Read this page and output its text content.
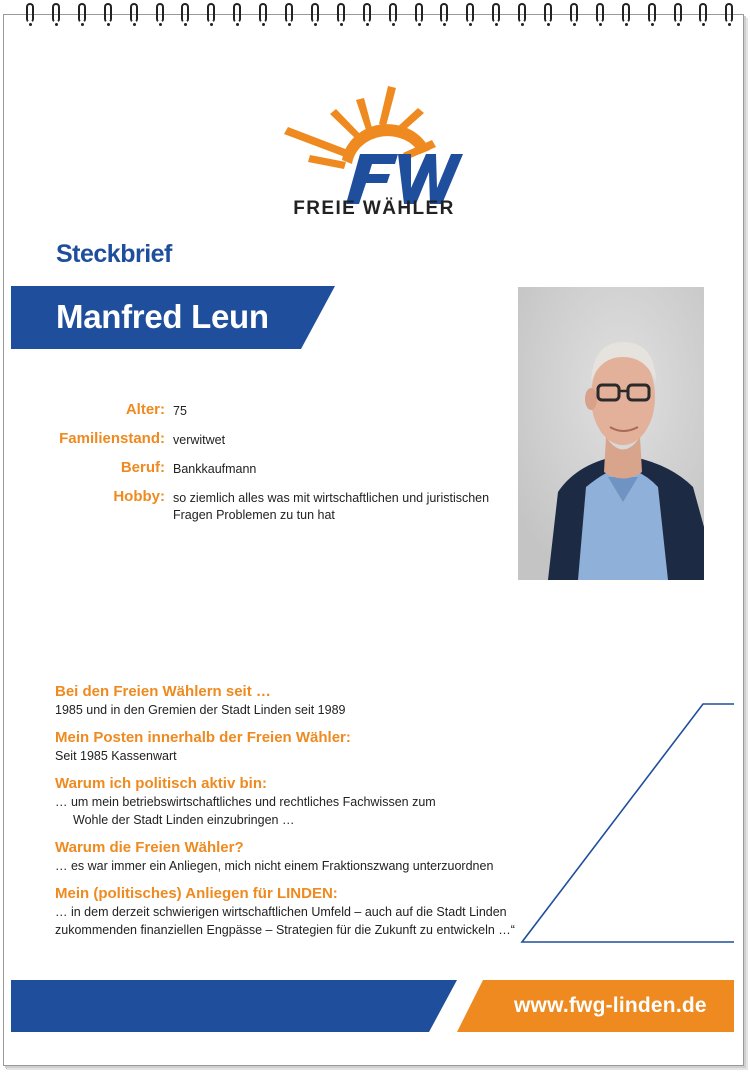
FREIE WÄHLER
Steckbrief
Manfred Leun
Alter: 75
Familienstand: verwitwet
Beruf: Bankkaufmann
Hobby: so ziemlich alles was mit wirtschaftlichen und juristischen
Fragen Problemen zu tun hat
Bei den Freien Wählern seit …
1985 und in den Gremien der Stadt Linden seit 1989
Mein Posten innerhalb der Freien Wähler:
Seit 1985 Kassenwart
Warum ich politisch aktiv bin:
… um mein betriebswirtschaftliches und rechtliches Fachwissen zum
Wohle der Stadt Linden einzubringen …
Warum die Freien Wähler?
… es war immer ein Anliegen, mich nicht einem Fraktionszwang unterzuordnen
Mein (politisches) Anliegen für LINDEN:
… in dem derzeit schwierigen wirtschaftlichen Umfeld – auch auf die Stadt Linden
zukommenden finanziellen Engpässe – Strategien für die Zukunft zu entwickeln …“
www.fwg-linden.de
